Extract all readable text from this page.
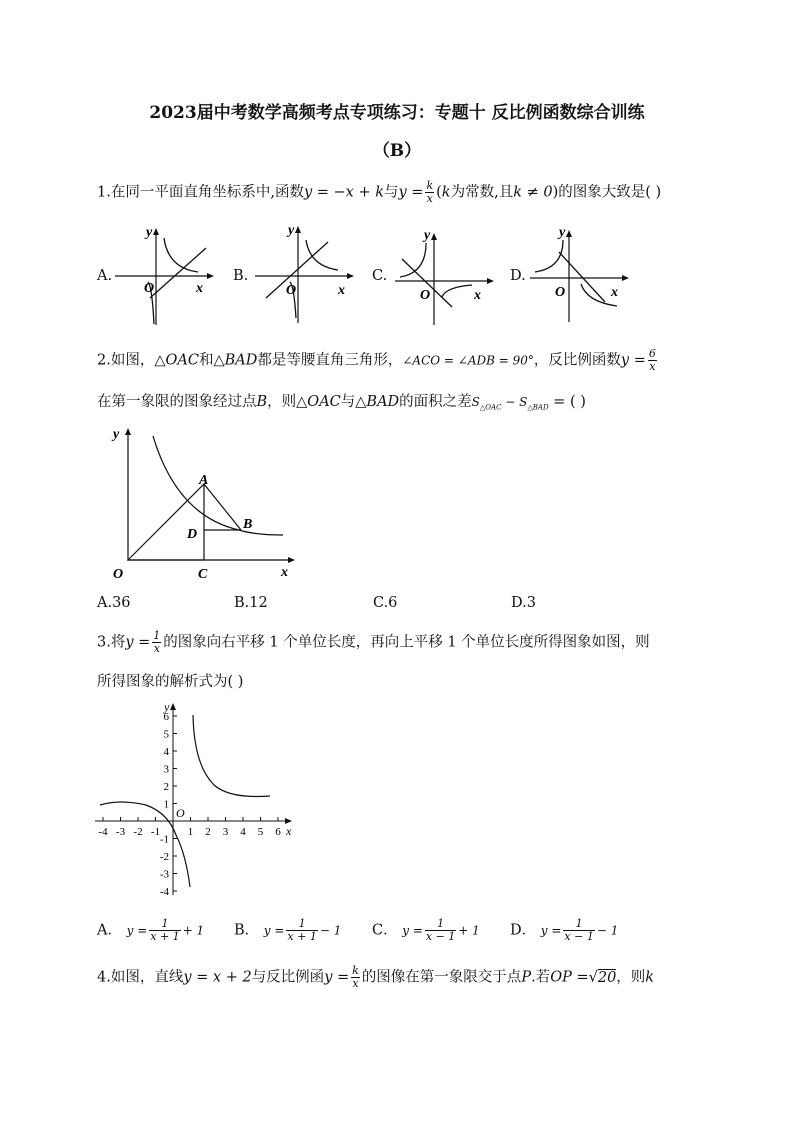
2023届中考数学高频考点专项练习：专题十 反比例函数综合训练
（B）
1.在同一平面直角坐标系中,函数y = −x + k与$y = \frac{k}{x} (k$为常数,且k ≠ 0)的图象大致是( )
A.	B.	C.	D.
y
x
O
y
x
O
y
x
O
y
x
O
2.如图，△OAC和△BAD都是等腰直角三角形，∠ACO = ∠ADB = 90°，反比例函数$y = \frac{6}{x}$
在第一象限的图象经过点B，则△OAC与△BAD的面积之差$S_{\triangle OAC} - S_{\triangle BAD}$ = ( )
y
x
O	C
A
B
D
A.36	B.12	C.6	D.3
3.将$y = \frac{1}{x}$ 的图象向右平移 1 个单位长度，再向上平移 1 个单位长度所得图象如图，则
所得图象的解析式为( )
6
5
4
3
2
1
-1
-2
-3
-4
-4 -3 -2 -1	1 2 3 4 5 6
y
x
O
A． $y = \frac{1}{x + 1} + 1$ B． $y = \frac{1}{x + 1} - 1$ C． $y = \frac{1}{x - 1} + 1$ D． $y = \frac{1}{x - 1} - 1$
4.如图，直线y = x + 2与反比例函$y = \frac{k}{x}$ 的图像在第一象限交于点P.若OP =√20，则k
